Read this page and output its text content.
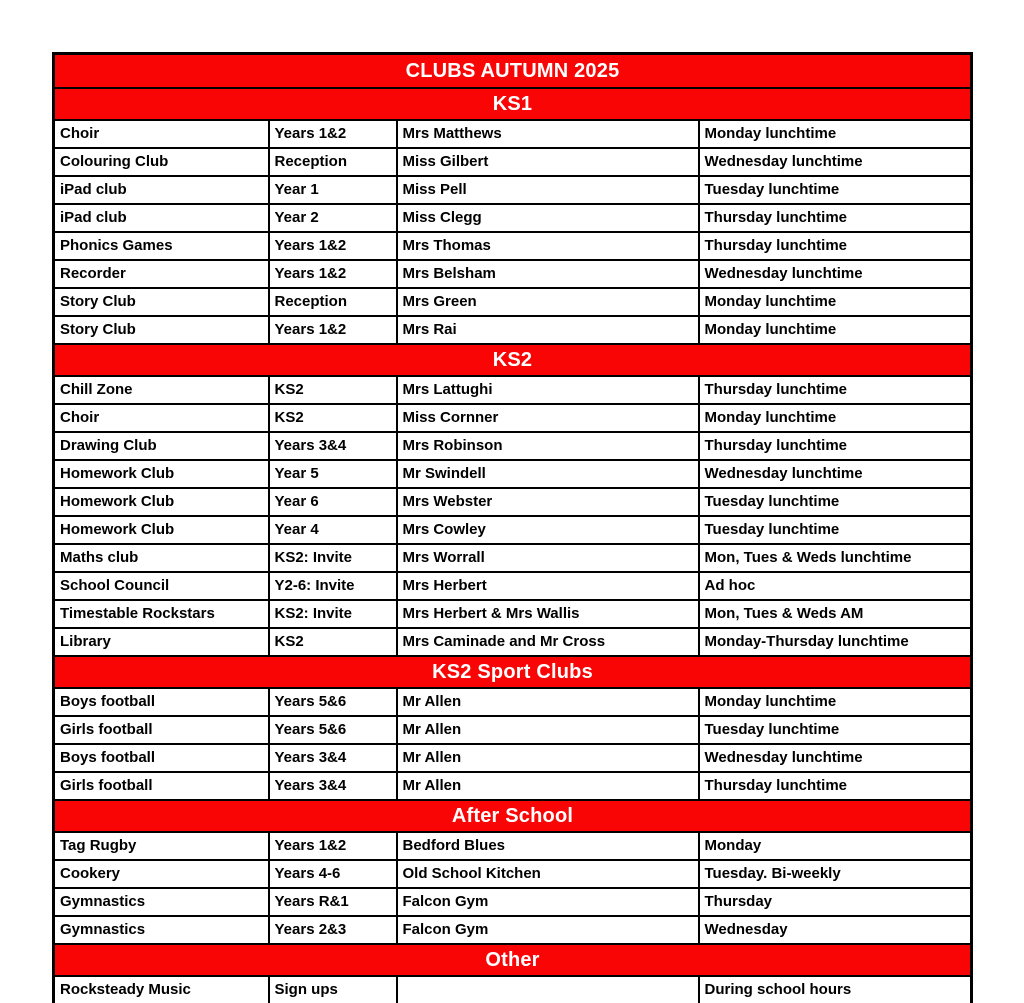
CLUBS AUTUMN 2025			
KS1			
Choir	Years 1&2	Mrs Matthews	Monday lunchtime
Colouring Club	Reception	Miss Gilbert	Wednesday lunchtime
iPad club	Year 1	Miss Pell	Tuesday lunchtime
iPad club	Year 2	Miss Clegg	Thursday lunchtime
Phonics Games	Years 1&2	Mrs Thomas	Thursday lunchtime
Recorder	Years 1&2	Mrs Belsham	Wednesday lunchtime
Story Club	Reception	Mrs Green	Monday lunchtime
Story Club	Years 1&2	Mrs Rai	Monday lunchtime
KS2			
Chill Zone	KS2	Mrs Lattughi	Thursday lunchtime
Choir	KS2	Miss Cornner	Monday lunchtime
Drawing Club	Years 3&4	Mrs Robinson	Thursday lunchtime
Homework Club	Year 5	Mr Swindell	Wednesday lunchtime
Homework Club	Year 6	Mrs Webster	Tuesday lunchtime
Homework Club	Year 4	Mrs Cowley	Tuesday lunchtime
Maths club	KS2: Invite	Mrs Worrall	Mon, Tues & Weds lunchtime
School Council	Y2-6: Invite	Mrs Herbert	Ad hoc
Timestable Rockstars	KS2: Invite	Mrs Herbert & Mrs Wallis	Mon, Tues & Weds AM
Library	KS2	Mrs Caminade and Mr Cross	Monday-Thursday lunchtime
KS2 Sport Clubs			
Boys football	Years 5&6	Mr Allen	Monday lunchtime
Girls football	Years 5&6	Mr Allen	Tuesday lunchtime
Boys football	Years 3&4	Mr Allen	Wednesday lunchtime
Girls football	Years 3&4	Mr Allen	Thursday lunchtime
After School			
Tag Rugby	Years 1&2	Bedford Blues	Monday
Cookery	Years 4-6	Old School Kitchen	Tuesday. Bi-weekly
Gymnastics	Years R&1	Falcon Gym	Thursday
Gymnastics	Years 2&3	Falcon Gym	Wednesday
Other			
Rocksteady Music	Sign ups		During school hours
